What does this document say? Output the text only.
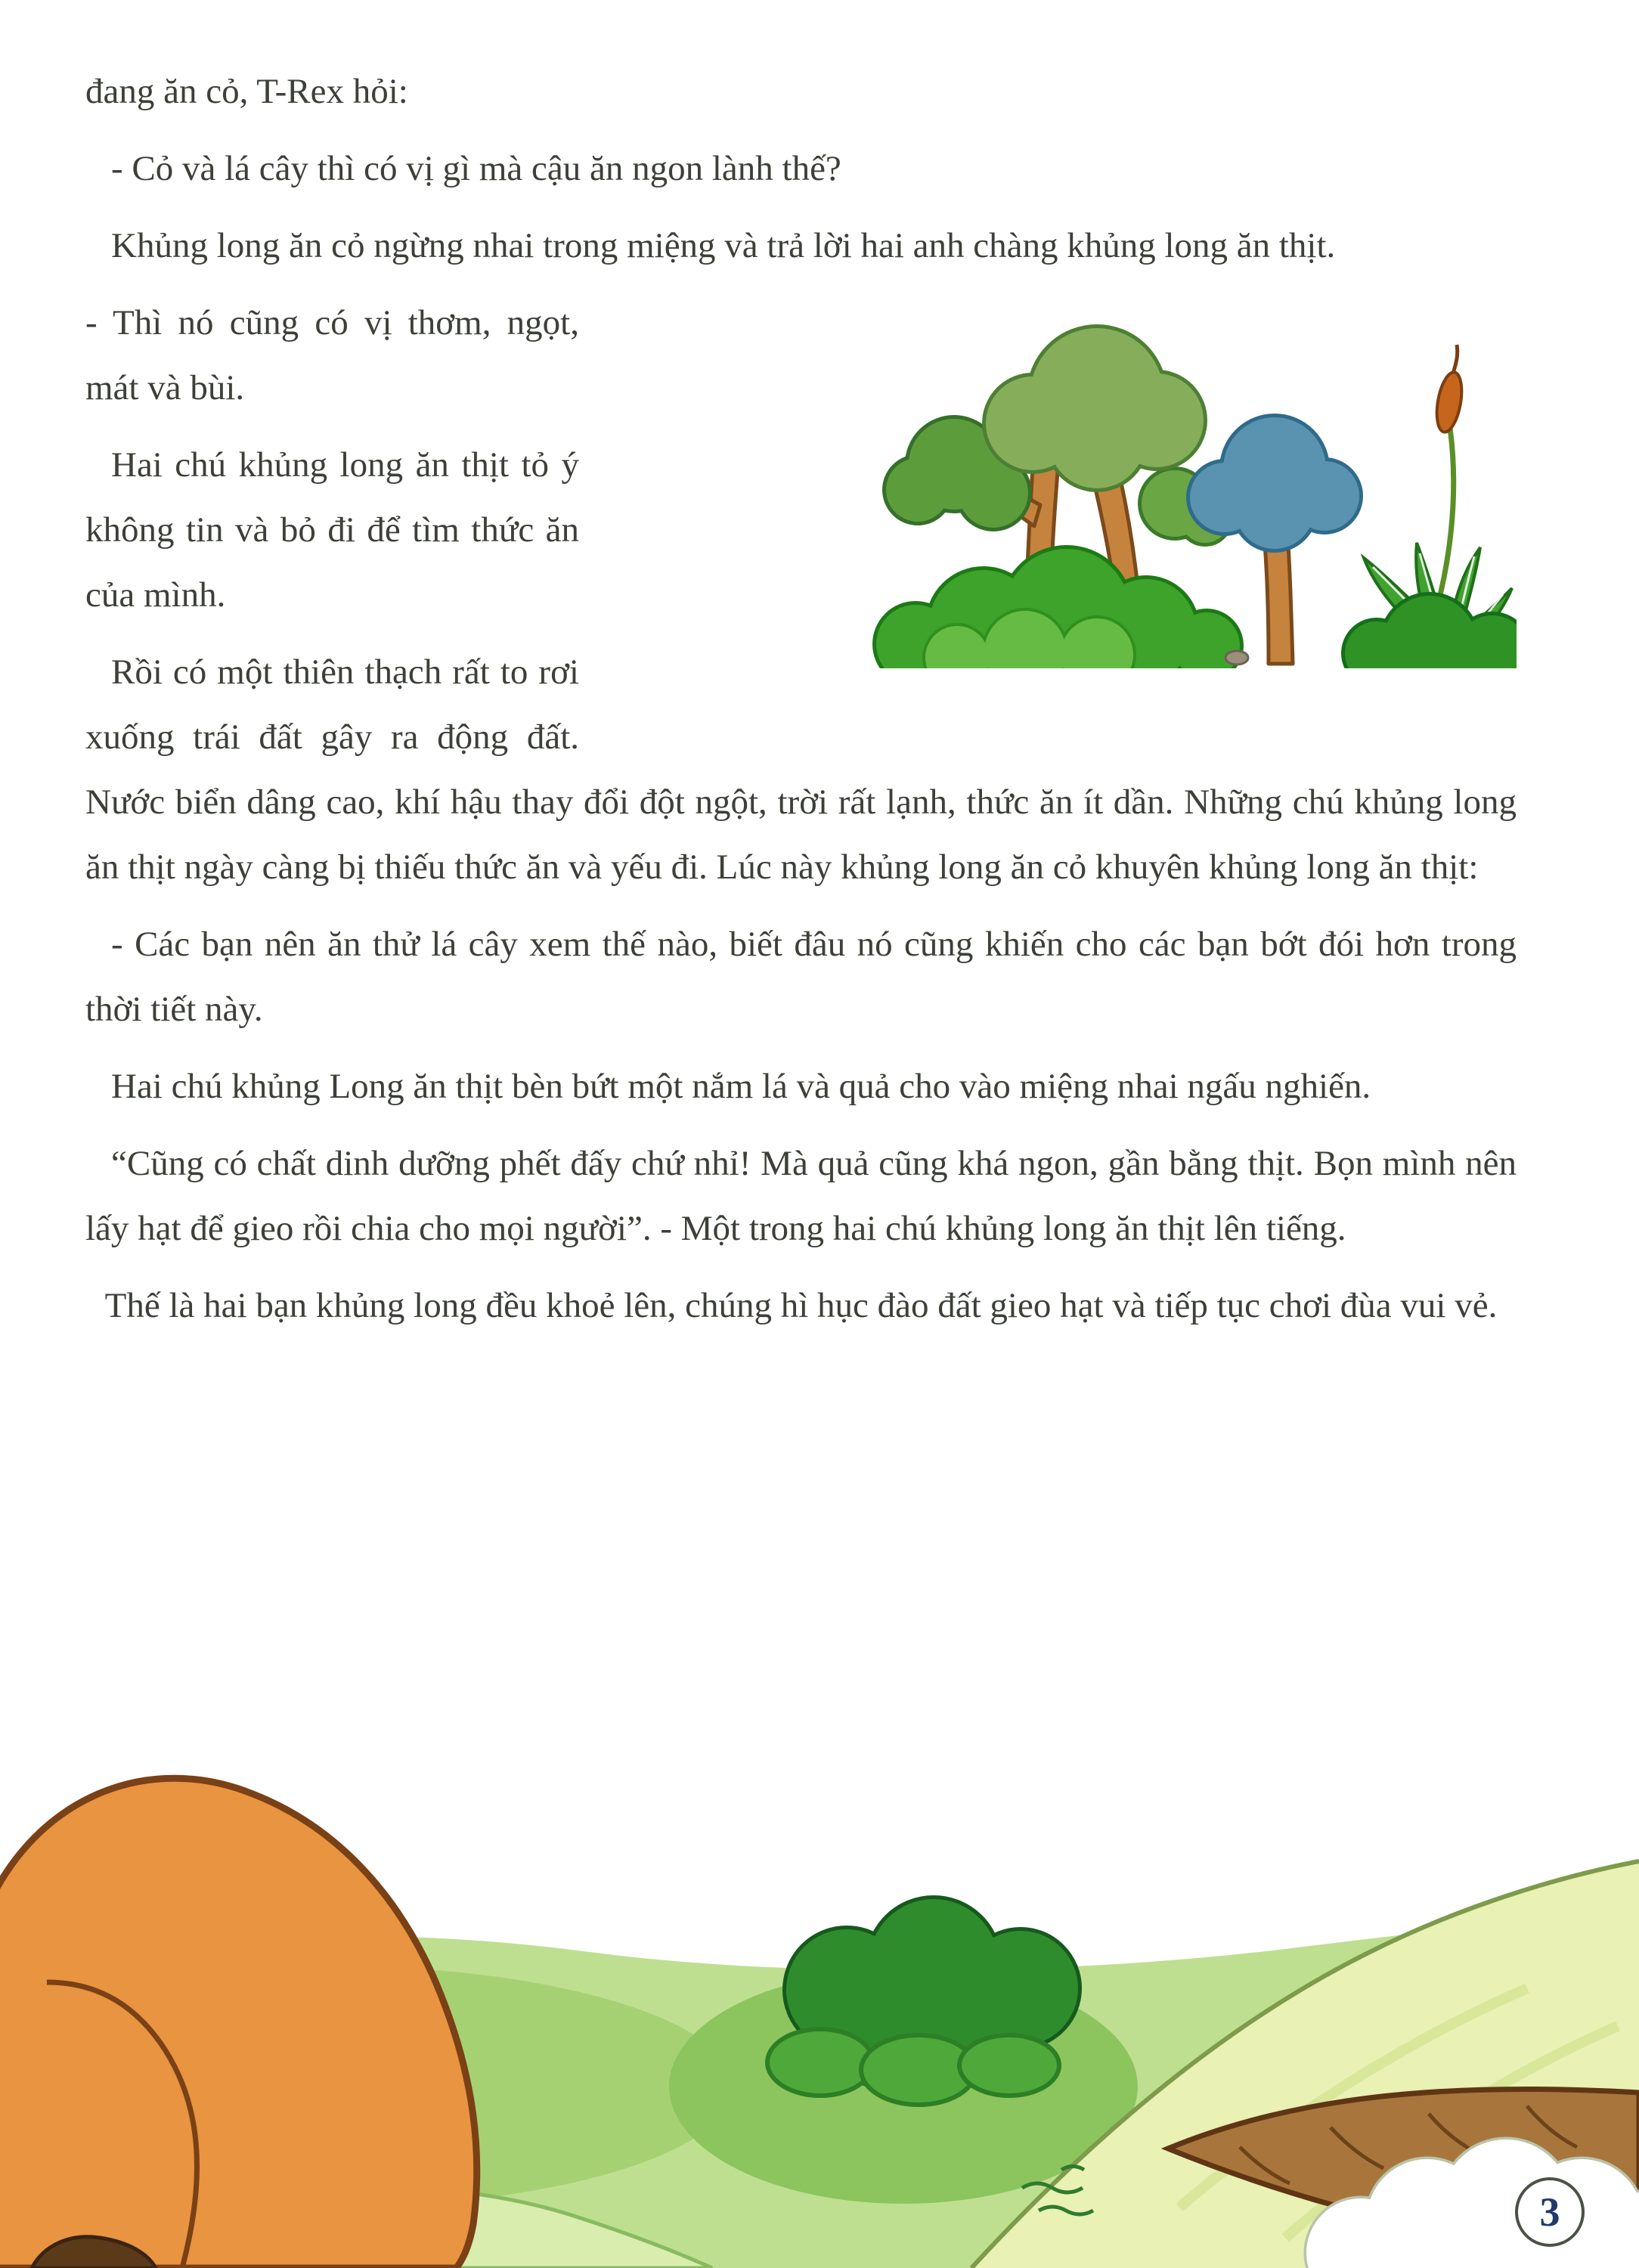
đang ăn cỏ, T-Rex hỏi:

- Cỏ và lá cây thì có vị gì mà cậu ăn ngon lành thế?

Khủng long ăn cỏ ngừng nhai trong miệng và trả lời hai anh chàng khủng long ăn thịt.

- Thì nó cũng có vị thơm, ngọt, mát và bùi.

Hai chú khủng long ăn thịt tỏ ý không tin và bỏ đi để tìm thức ăn của mình.

Rồi có một thiên thạch rất to rơi xuống trái đất gây ra động đất. Nước biển dâng cao, khí hậu thay đổi đột ngột, trời rất lạnh, thức ăn ít dần. Những chú khủng long ăn thịt ngày càng bị thiếu thức ăn và yếu đi. Lúc này khủng long ăn cỏ khuyên khủng long ăn thịt:

- Các bạn nên ăn thử lá cây xem thế nào, biết đâu nó cũng khiến cho các bạn bớt đói hơn trong thời tiết này.

Hai chú khủng Long ăn thịt bèn bứt một nắm lá và quả cho vào miệng nhai ngấu nghiến.

“Cũng có chất dinh dưỡng phết đấy chứ nhỉ! Mà quả cũng khá ngon, gần bằng thịt. Bọn mình nên lấy hạt để gieo rồi chia cho mọi người”. - Một trong hai chú khủng long ăn thịt lên tiếng.

Thế là hai bạn khủng long đều khoẻ lên, chúng hì hục đào đất gieo hạt và tiếp tục chơi đùa vui vẻ.

3
